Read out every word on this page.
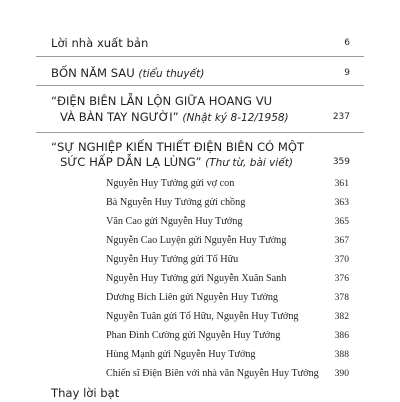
Lời nhà xuất bản	6
BỐN NĂM SAU (tiểu thuyết)	9
“ĐIỆN BIÊN LẪN LỘN GIỮA HOANG VU
VÀ BÀN TAY NGƯỜI” (Nhật ký 8-12/1958)	237
“SỰ NGHIỆP KIẾN THIẾT ĐIỆN BIÊN CÓ MỘT
SỨC HẤP DẪN LẠ LÙNG” (Thư từ, bài viết)	359
Nguyễn Huy Tưởng gửi vợ con	361
Bà Nguyễn Huy Tưởng gửi chồng	363
Văn Cao gửi Nguyễn Huy Tưởng	365
Nguyễn Cao Luyện gửi Nguyễn Huy Tưởng	367
Nguyễn Huy Tưởng gửi Tố Hữu	370
Nguyễn Huy Tưởng gửi Nguyễn Xuân Sanh	376
Dương Bích Liên gửi Nguyễn Huy Tưởng	378
Nguyễn Tuân gửi Tố Hữu, Nguyễn Huy Tưởng	382
Phan Đình Cường gửi Nguyễn Huy Tưởng	386
Hùng Mạnh gửi Nguyễn Huy Tưởng	388
Chiến sĩ Điện Biên với nhà văn Nguyễn Huy Tưởng 390
Thay lời bạt
